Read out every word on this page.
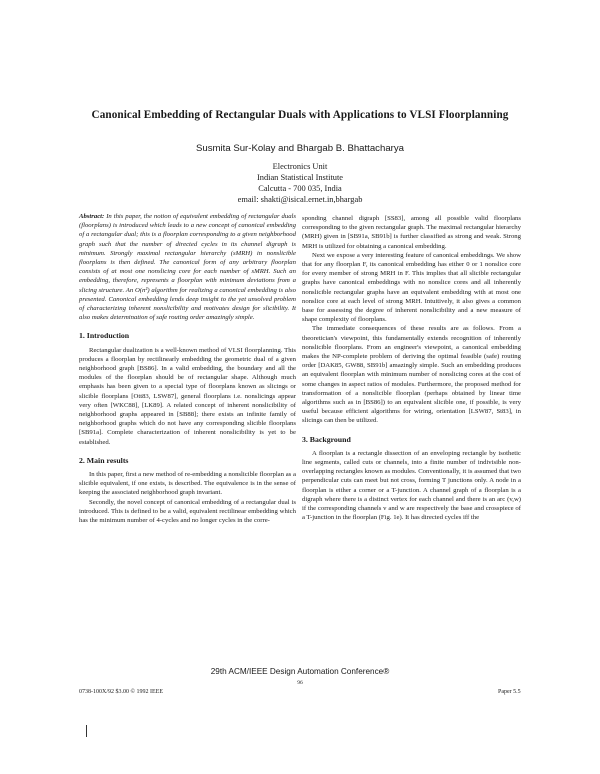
Canonical Embedding of Rectangular Duals with Applications to VLSI Floorplanning
Susmita Sur-Kolay and Bhargab B. Bhattacharya
Electronics Unit
Indian Statistical Institute
Calcutta - 700 035, India
email: shakti@isical.ernet.in,bhargab

Abstract: In this paper, the notion of equivalent embedding of rectangular duals (floorplans) is introduced which leads to a new concept of canonical embedding of a rectangular dual; this is a floorplan corresponding to a given neighborhood graph such that the number of directed cycles in its channel digraph is minimum. Strongly maximal rectangular hierarchy (sMRH) in nonslicible floorplans is then defined. The canonical form of any arbitrary floorplan consists of at most one nonslicing core for each number of sMRH. Such an embedding, therefore, represents a floorplan with minimum deviations from a slicing structure. An O(n²) algorithm for realizing a canonical embedding is also presented. Canonical embedding lends deep insight to the yet unsolved problem of characterizing inherent nonslicibility and motivates design for slicibility. It also makes determination of safe routing order amazingly simple.

1. Introduction

Rectangular dualization is a well-known method of VLSI floorplanning. This produces a floorplan by rectilinearly embedding the geometric dual of a given neighborhood graph [BS86]. In a valid embedding, the boundary and all the modules of the floorplan should be of rectangular shape. Although much emphasis has been given to a special type of floorplans known as slicings or slicible floorplans [Ott83, LSW87], general floorplans i.e. nonslicings appear very often [WKC88], [LK89]. A related concept of inherent nonslicibility of neighborhood graphs appeared in [SB88]; there exists an infinite family of neighborhood graphs which do not have any corresponding slicible floorplans [SB91a]. Complete characterization of inherent nonslicibility is yet to be established.

2. Main results

In this paper, first a new method of re-embedding a nonslicible floorplan as a slicible equivalent, if one exists, is described. The equivalence is in the sense of keeping the associated neighborhood graph invariant.

Secondly, the novel concept of canonical embedding of a rectangular dual is introduced. This is defined to be a valid, equivalent rectilinear embedding which has the minimum number of 4-cycles and no longer cycles in the corre-

sponding channel digraph [SS83], among all possible valid floorplans corresponding to the given rectangular graph. The maximal rectangular hierarchy (MRH) given in [SB91a, SB91b] is further classified as strong and weak. Strong MRH is utilized for obtaining a canonical embedding.

Next we expose a very interesting feature of canonical embeddings. We show that for any floorplan F, its canonical embedding has either 0 or 1 nonslice core for every member of strong MRH in F. This implies that all slicible rectangular graphs have canonical embeddings with no nonslice cores and all inherently nonslicible rectangular graphs have an equivalent embedding with at most one nonslice core at each level of strong MRH. Intuitively, it also gives a common base for assessing the degree of inherent nonslicibility and a new measure of shape complexity of floorplans.

The immediate consequences of these results are as follows. From a theoretician's viewpoint, this fundamentally extends recognition of inherently nonslicible floorplans. From an engineer's viewpoint, a canonical embedding makes the NP-complete problem of deriving the optimal feasible (safe) routing order [DAK85, GW88, SB91b] amazingly simple. Such an embedding produces an equivalent floorplan with minimum number of nonslicing cores at the cost of some changes in aspect ratios of modules. Furthermore, the proposed method for transformation of a nonslicible floorplan (perhaps obtained by linear time algorithms such as in [BS86]) to an equivalent slicible one, if possible, is very useful because efficient algorithms for wiring, orientation [LSW87, St83], in slicings can then be utilized.

3. Background

A floorplan is a rectangle dissection of an enveloping rectangle by isothetic line segments, called cuts or channels, into a finite number of indivisible non-overlapping rectangles known as modules. Conventionally, it is assumed that two perpendicular cuts can meet but not cross, forming T junctions only. A node in a floorplan is either a corner or a T-junction. A channel graph of a floorplan is a digraph where there is a distinct vertex for each channel and there is an arc (v,w) if the corresponding channels v and w are respectively the base and crosspiece of a T-junction in the floorplan (Fig. 1e). It has directed cycles iff the

29th ACM/IEEE Design Automation Conference®
96
0738-100X/92 $3.00 © 1992 IEEE	Paper 5.5
